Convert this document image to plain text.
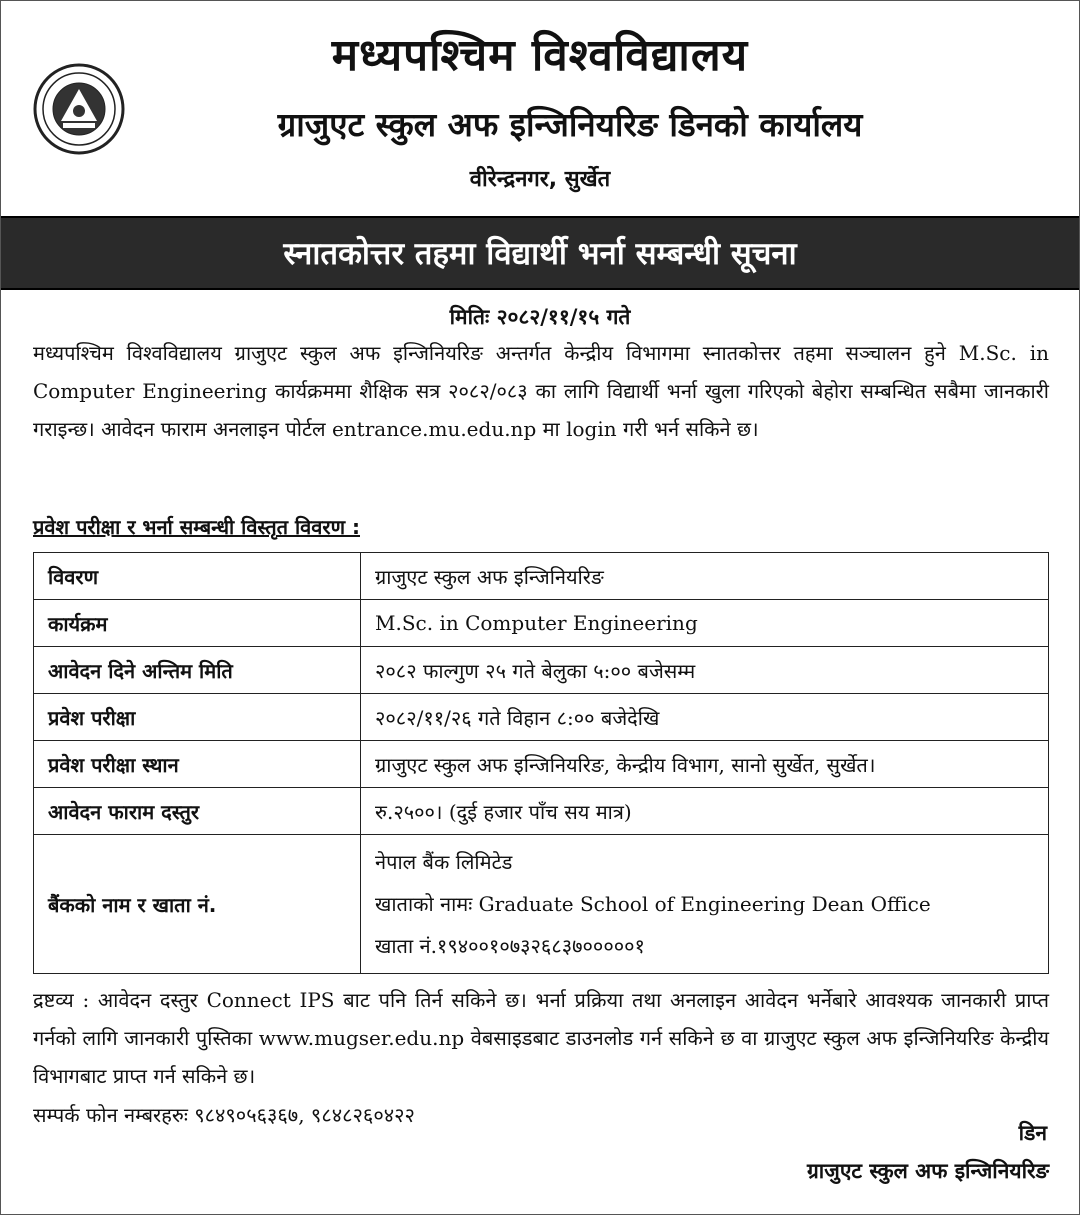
मध्यपश्चिम विश्वविद्यालय
ग्राजुएट स्कुल अफ इन्जिनियरिङ डिनको कार्यालय
वीरेन्द्रनगर, सुर्खेत
स्नातकोत्तर तहमा विद्यार्थी भर्ना सम्बन्धी सूचना
मितिः २०८२/११/१५ गते
मध्यपश्चिम विश्वविद्यालय ग्राजुएट स्कुल अफ इन्जिनियरिङ अन्तर्गत केन्द्रीय विभागमा स्नातकोत्तर तहमा सञ्चालन हुने M.Sc. in Computer Engineering कार्यक्रममा शैक्षिक सत्र २०८२/०८३ का लागि विद्यार्थी भर्ना खुला गरिएको बेहोरा सम्बन्धित सबैमा जानकारी गराइन्छ। आवेदन फाराम अनलाइन पोर्टल entrance.mu.edu.np मा login गरी भर्न सकिने छ।
प्रवेश परीक्षा र भर्ना सम्बन्धी विस्तृत विवरण :
विवरण	ग्राजुएट स्कुल अफ इन्जिनियरिङ
कार्यक्रम	M.Sc. in Computer Engineering
आवेदन दिने अन्तिम मिति	२०८२ फाल्गुण २५ गते बेलुका ५:०० बजेसम्म
प्रवेश परीक्षा	२०८२/११/२६ गते विहान ८:०० बजेदेखि
प्रवेश परीक्षा स्थान	ग्राजुएट स्कुल अफ इन्जिनियरिङ, केन्द्रीय विभाग, सानो सुर्खेत, सुर्खेत।
आवेदन फाराम दस्तुर	रु.२५००। (दुई हजार पाँच सय मात्र)
बैंकको नाम र खाता नं.	नेपाल बैंक लिमिटेड
खाताको नामः Graduate School of Engineering Dean Office
खाता नं.१९४००१०७३२६८३७०००००१
द्रष्टव्य : आवेदन दस्तुर Connect IPS बाट पनि तिर्न सकिने छ। भर्ना प्रक्रिया तथा अनलाइन आवेदन भर्नेबारे आवश्यक जानकारी प्राप्त गर्नको लागि जानकारी पुस्तिका www.mugser.edu.np वेबसाइडबाट डाउनलोड गर्न सकिने छ वा ग्राजुएट स्कुल अफ इन्जिनियरिङ केन्द्रीय विभागबाट प्राप्त गर्न सकिने छ।
सम्पर्क फोन नम्बरहरुः ९८४९०५६३६७, ९८४८२६०४२२
डिन
ग्राजुएट स्कुल अफ इन्जिनियरिङ
